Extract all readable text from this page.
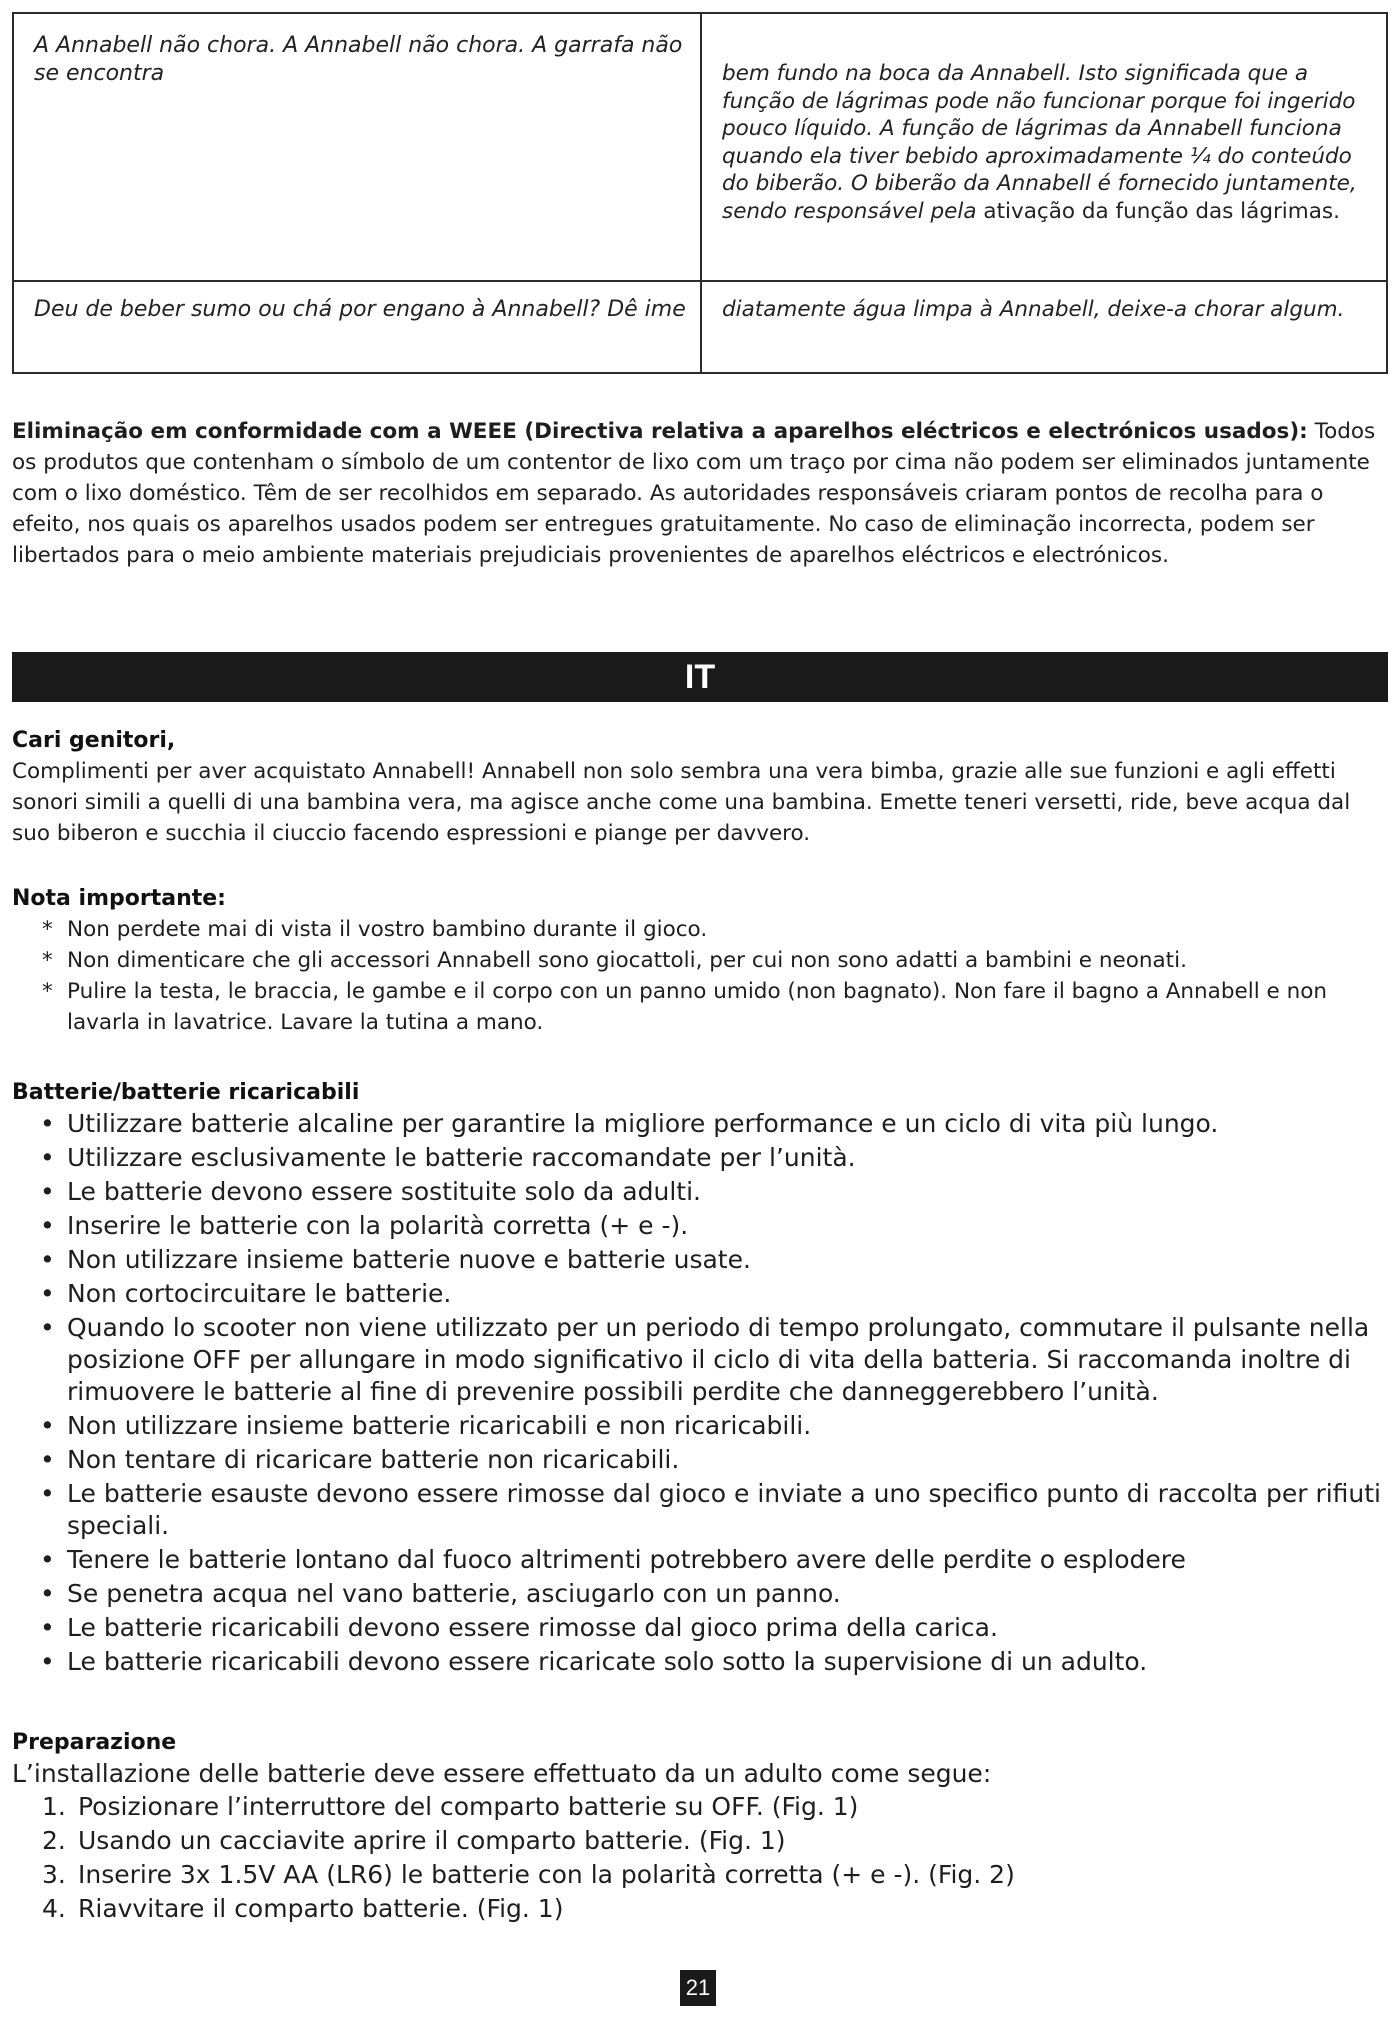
A Annabell não chora. A Annabell não chora. A garrafa não se encontra	bem fundo na boca da Annabell. Isto significada que a função de lágrimas pode não funcionar porque foi ingerido pouco líquido. A função de lágrimas da Annabell funciona quando ela tiver bebido aproximadamente ¼ do conteúdo do biberão. O biberão da Annabell é fornecido juntamente, sendo responsável pela ativação da função das lágrimas.
Deu de beber sumo ou chá por engano à Annabell? Dê ime	diatamente água limpa à Annabell, deixe-a chorar algum.
Eliminação em conformidade com a WEEE (Directiva relativa a aparelhos eléctricos e electrónicos usados): Todos os produtos que contenham o símbolo de um contentor de lixo com um traço por cima não podem ser eliminados juntamente com o lixo doméstico. Têm de ser recolhidos em separado. As autoridades responsáveis criaram pontos de recolha para o efeito, nos quais os aparelhos usados podem ser entregues gratuitamente. No caso de eliminação incorrecta, podem ser libertados para o meio ambiente materiais prejudiciais provenientes de aparelhos eléctricos e electrónicos.
IT

Cari genitori,

Complimenti per aver acquistato Annabell! Annabell non solo sembra una vera bimba, grazie alle sue funzioni e agli effetti sonori simili a quelli di una bambina vera, ma agisce anche come una bambina. Emette teneri versetti, ride, beve acqua dal suo biberon e succhia il ciuccio facendo espressioni e piange per davvero.

Nota importante:

* Non perdete mai di vista il vostro bambino durante il gioco.
* Non dimenticare che gli accessori Annabell sono giocattoli, per cui non sono adatti a bambini e neonati.
* Pulire la testa, le braccia, le gambe e il corpo con un panno umido (non bagnato). Non fare il bagno a Annabell e non lavarla in lavatrice. Lavare la tutina a mano.

Batterie/batterie ricaricabili

• Utilizzare batterie alcaline per garantire la migliore performance e un ciclo di vita più lungo.
• Utilizzare esclusivamente le batterie raccomandate per l’unità.
• Le batterie devono essere sostituite solo da adulti.
• Inserire le batterie con la polarità corretta (+ e -).
• Non utilizzare insieme batterie nuove e batterie usate.
• Non cortocircuitare le batterie.
• Quando lo scooter non viene utilizzato per un periodo di tempo prolungato, commutare il pulsante nella posizione OFF per allungare in modo significativo il ciclo di vita della batteria. Si raccomanda inoltre di rimuovere le batterie al fine di prevenire possibili perdite che danneggerebbero l’unità.
• Non utilizzare insieme batterie ricaricabili e non ricaricabili.
• Non tentare di ricaricare batterie non ricaricabili.
• Le batterie esauste devono essere rimosse dal gioco e inviate a uno specifico punto di raccolta per rifiuti speciali.
• Tenere le batterie lontano dal fuoco altrimenti potrebbero avere delle perdite o esplodere
• Se penetra acqua nel vano batterie, asciugarlo con un panno.
• Le batterie ricaricabili devono essere rimosse dal gioco prima della carica.
• Le batterie ricaricabili devono essere ricaricate solo sotto la supervisione di un adulto.

Preparazione

L’installazione delle batterie deve essere effettuato da un adulto come segue:

1. Posizionare l’interruttore del comparto batterie su OFF. (Fig. 1)
2. Usando un cacciavite aprire il comparto batterie. (Fig. 1)
3. Inserire 3x 1.5V AA (LR6) le batterie con la polarità corretta (+ e -). (Fig. 2)
4. Riavvitare il comparto batterie. (Fig. 1)
21
